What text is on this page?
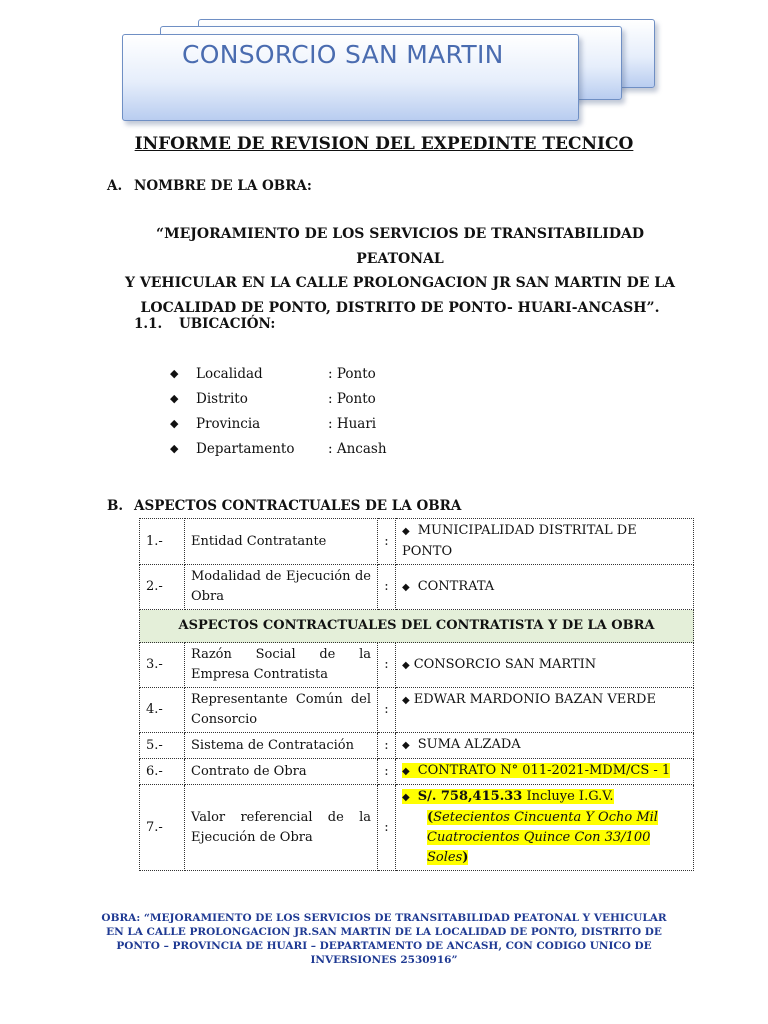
CONSORCIO SAN MARTIN
INFORME DE REVISION DEL EXPEDINTE TECNICO
A. NOMBRE DE LA OBRA:
“MEJORAMIENTO DE LOS SERVICIOS DE TRANSITABILIDAD PEATONAL
Y VEHICULAR EN LA CALLE PROLONGACION JR SAN MARTIN DE LA
LOCALIDAD DE PONTO, DISTRITO DE PONTO- HUARI-ANCASH”.
1.1. UBICACIÓN:
◆	Localidad	: Ponto
◆	Distrito	: Ponto
◆	Provincia	: Huari
◆	Departamento	: Ancash
B. ASPECTOS CONTRACTUALES DE LA OBRA
1.-	Entidad Contratante	:	◆ MUNICIPALIDAD DISTRITAL DE PONTO
2.-	Modalidad de Ejecución de Obra	:	◆ CONTRATA
ASPECTOS CONTRACTUALES DEL CONTRATISTA Y DE LA OBRA			
3.-	Razón Social de la Empresa Contratista	:	◆ CONSORCIO SAN MARTIN
4.-	Representante Común del Consorcio	:	◆ EDWAR MARDONIO BAZAN VERDE
5.-	Sistema de Contratación	:	◆ SUMA ALZADA
6.-	Contrato de Obra	:	◆ CONTRATO N° 011-2021-MDM/CS - 1
7.-	Valor referencial de la Ejecución de Obra	:	◆ S/. 758,415.33 Incluye I.G.V.
(Setecientos Cincuenta Y Ocho Mil Cuatrocientos Quince Con 33/100 Soles)
OBRA: “MEJORAMIENTO DE LOS SERVICIOS DE TRANSITABILIDAD PEATONAL Y VEHICULAR EN LA CALLE PROLONGACION JR.SAN MARTIN DE LA LOCALIDAD DE PONTO, DISTRITO DE PONTO – PROVINCIA DE HUARI – DEPARTAMENTO DE ANCASH, CON CODIGO UNICO DE INVERSIONES 2530916”
